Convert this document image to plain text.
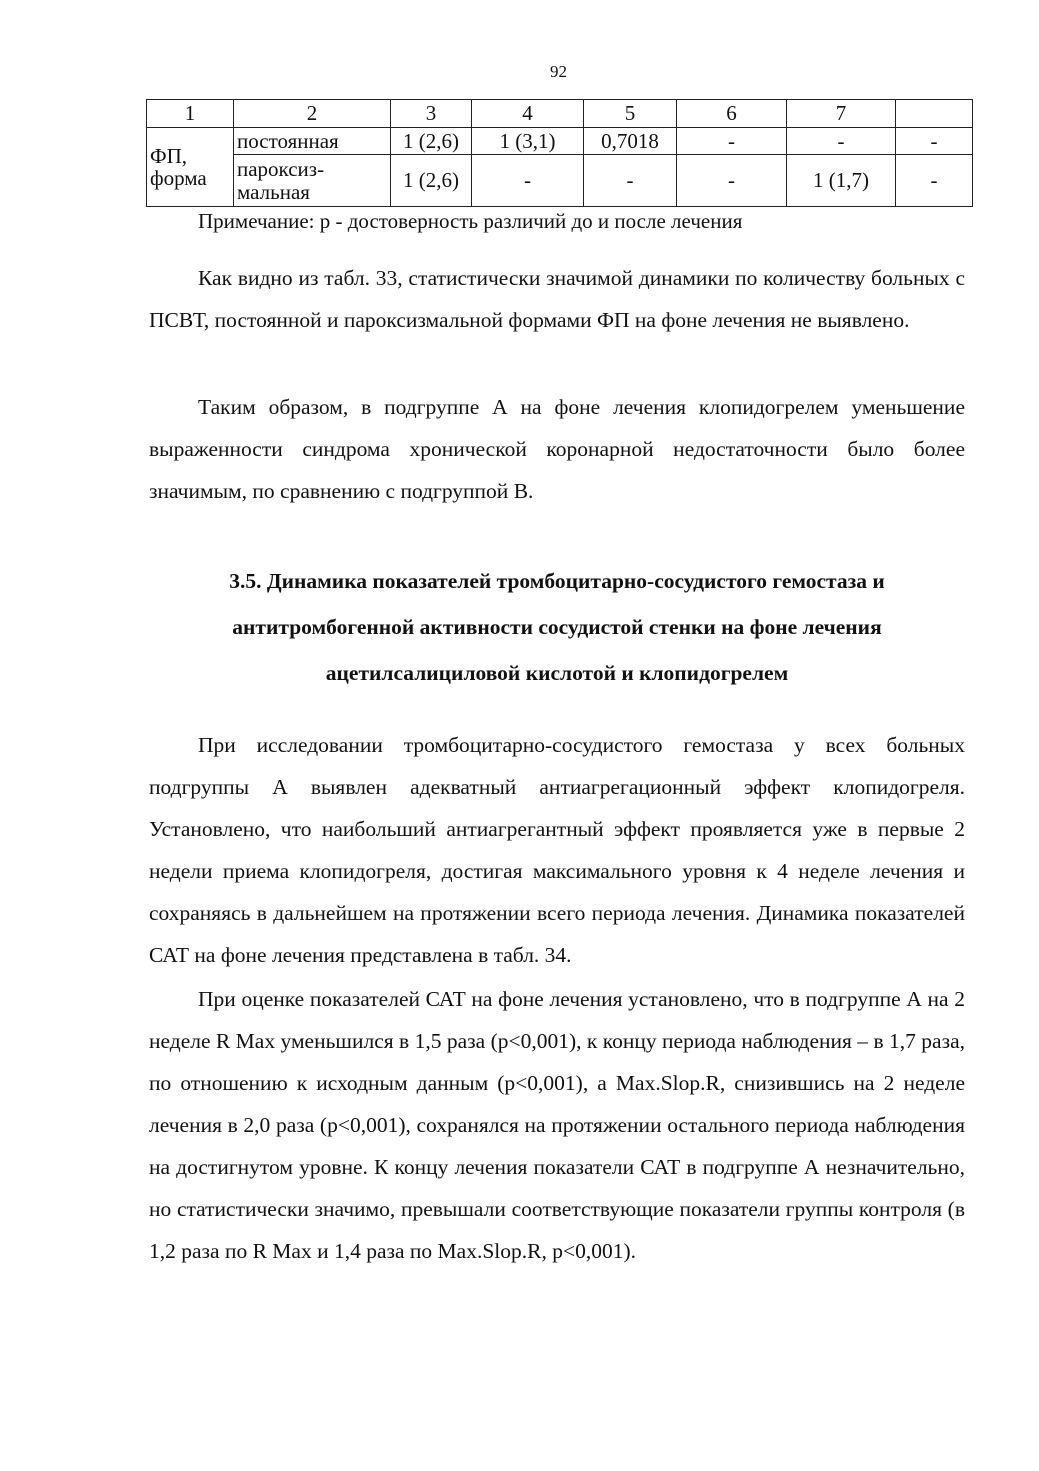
92
1	2	3	4	5	6	7	
ФП, форма	постоянная	1 (2,6)	1 (3,1)	0,7018	-	-	-
	пароксиз-мальная	1 (2,6)	-	-	-	1 (1,7)	-
Примечание: р - достоверность различий до и после лечения

Как видно из табл. 33, статистически значимой динамики по количеству больных с ПСВТ, постоянной и пароксизмальной формами ФП на фоне лечения не выявлено.

Таким образом, в подгруппе А на фоне лечения клопидогрелем уменьшение выраженности синдрома хронической коронарной недостаточности было более значимым, по сравнению с подгруппой В.

3.5. Динамика показателей тромбоцитарно-сосудистого гемостаза и
антитромбогенной активности сосудистой стенки на фоне лечения
ацетилсалициловой кислотой и клопидогрелем

При исследовании тромбоцитарно-сосудистого гемостаза у всех больных подгруппы А выявлен адекватный антиагрегационный эффект клопидогреля. Установлено, что наибольший антиагрегантный эффект проявляется уже в первые 2 недели приема клопидогреля, достигая максимального уровня к 4 неделе лечения и сохраняясь в дальнейшем на протяжении всего периода лечения. Динамика показателей САТ на фоне лечения представлена в табл. 34.

При оценке показателей САТ на фоне лечения установлено, что в подгруппе А на 2 неделе R Max уменьшился в 1,5 раза (р<0,001), к концу периода наблюдения – в 1,7 раза, по отношению к исходным данным (р<0,001), а Max.Slop.R, снизившись на 2 неделе лечения в 2,0 раза (р<0,001), сохранялся на протяжении остального периода наблюдения на достигнутом уровне. К концу лечения показатели САТ в подгруппе А незначительно, но статистически значимо, превышали соответствующие показатели группы контроля (в 1,2 раза по R Max и 1,4 раза по Max.Slop.R, р<0,001).
